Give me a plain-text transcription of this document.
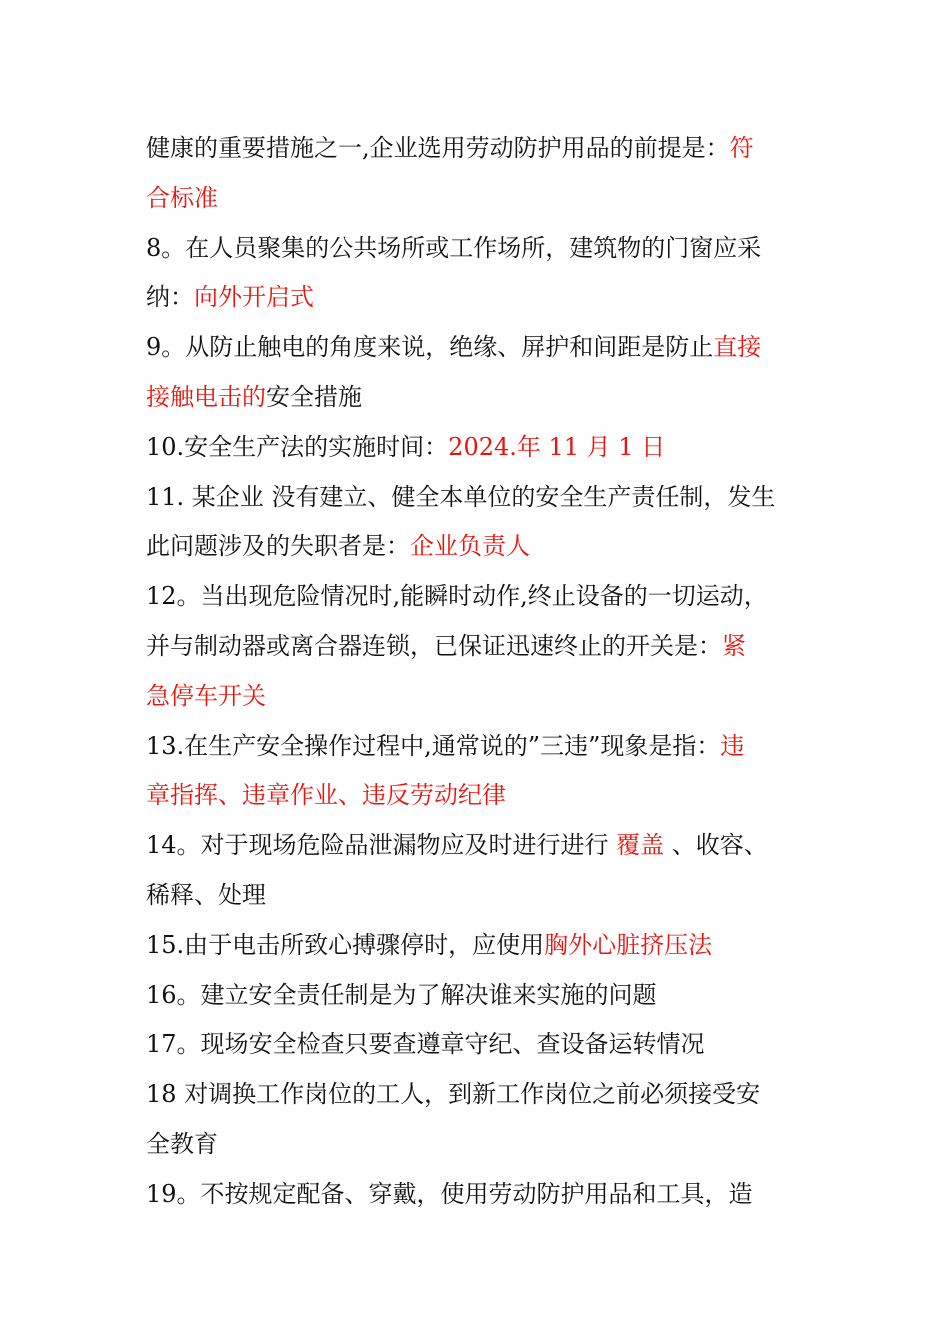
健康的重要措施之一,企业选用劳动防护用品的前提是：符
合标准
8。在人员聚集的公共场所或工作场所，建筑物的门窗应采
纳：向外开启式
9。从防止触电的角度来说，绝缘、屏护和间距是防止直接
接触电击的安全措施
10.安全生产法的实施时间：2024.年 11 月 1 日
11. 某企业 没有建立、健全本单位的安全生产责任制，发生
此问题涉及的失职者是：企业负责人
12。当出现危险情况时,能瞬时动作,终止设备的一切运动，
并与制动器或离合器连锁，已保证迅速终止的开关是：紧
急停车开关
13.在生产安全操作过程中,通常说的”三违”现象是指：违
章指挥、违章作业、违反劳动纪律
14。对于现场危险品泄漏物应及时进行进行 覆盖 、收容、
稀释、处理
15.由于电击所致心搏骤停时，应使用胸外心脏挤压法
16。建立安全责任制是为了解决谁来实施的问题
17。现场安全检查只要查遵章守纪、查设备运转情况
18 对调换工作岗位的工人，到新工作岗位之前必须接受安
全教育
19。不按规定配备、穿戴，使用劳动防护用品和工具，造
